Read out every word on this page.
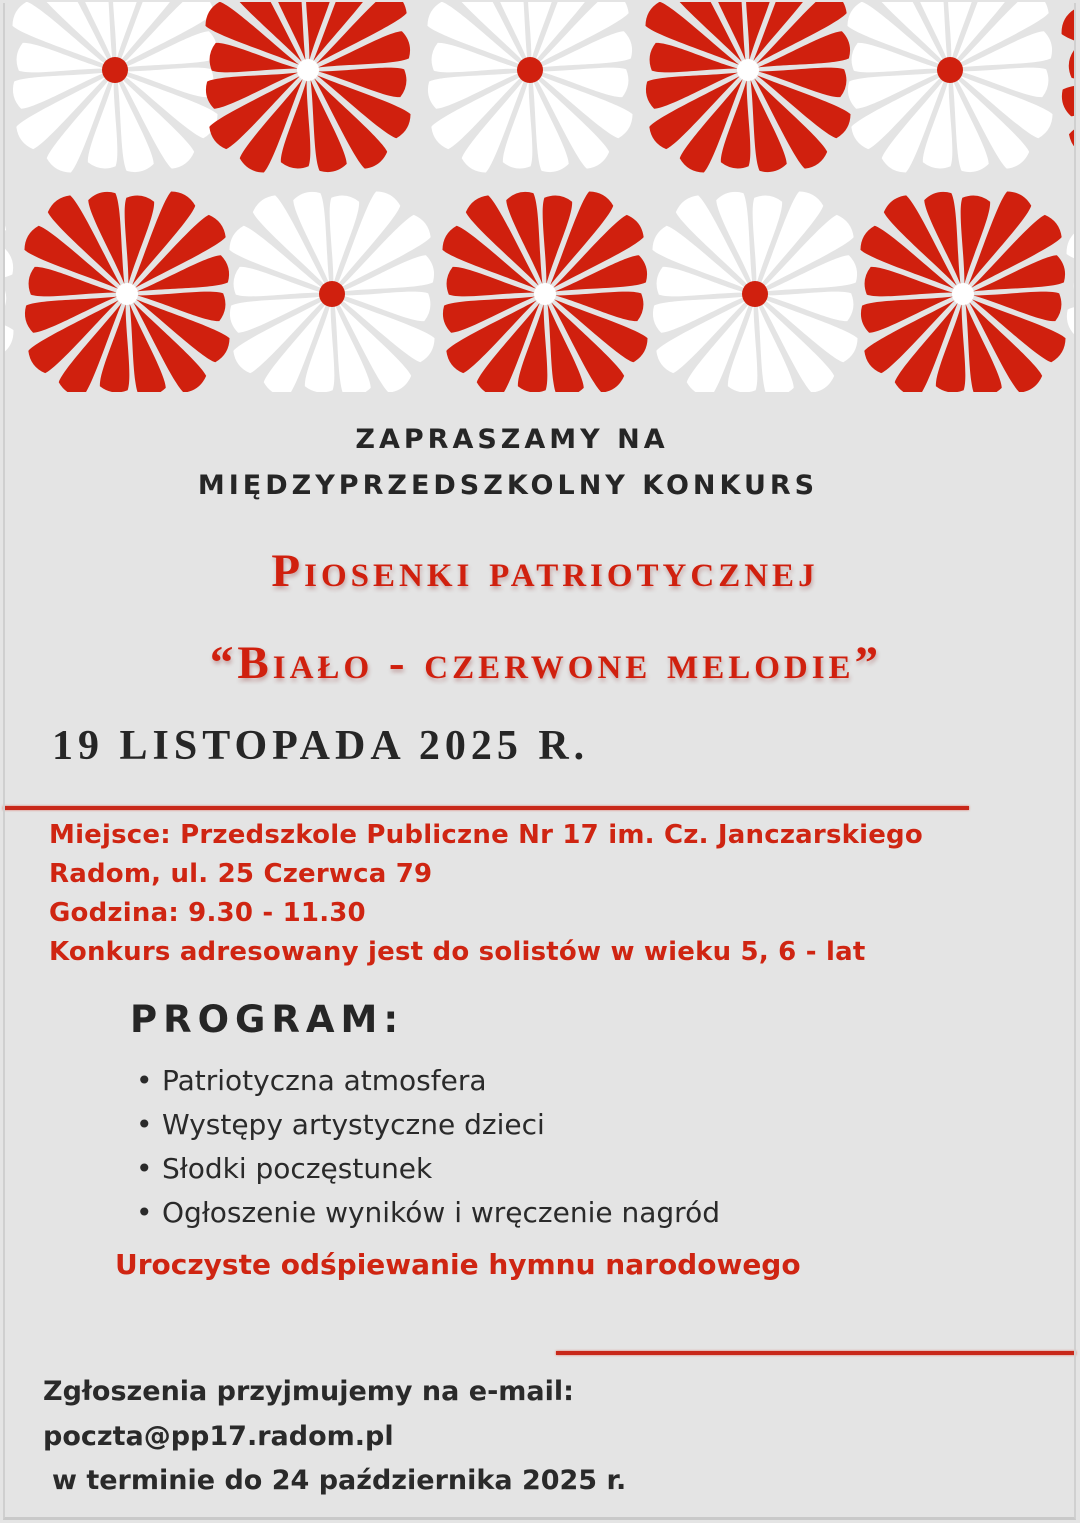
ZAPRASZAMY NA
MIĘDZYPRZEDSZKOLNY KONKURS
Piosenki patriotycznej
“Biało - czerwone melodie”
19 LISTOPADA 2025 R.
Miejsce: Przedszkole Publiczne Nr 17 im. Cz. Janczarskiego
Radom, ul. 25 Czerwca 79
Godzina: 9.30 - 11.30
Konkurs adresowany jest do solistów w wieku 5, 6 - lat
PROGRAM:
• Patriotyczna atmosfera
• Występy artystyczne dzieci
• Słodki poczęstunek
• Ogłoszenie wyników i wręczenie nagród
Uroczyste odśpiewanie hymnu narodowego
Zgłoszenia przyjmujemy na e-mail:
poczta@pp17.radom.pl
w terminie do 24 października 2025 r.
